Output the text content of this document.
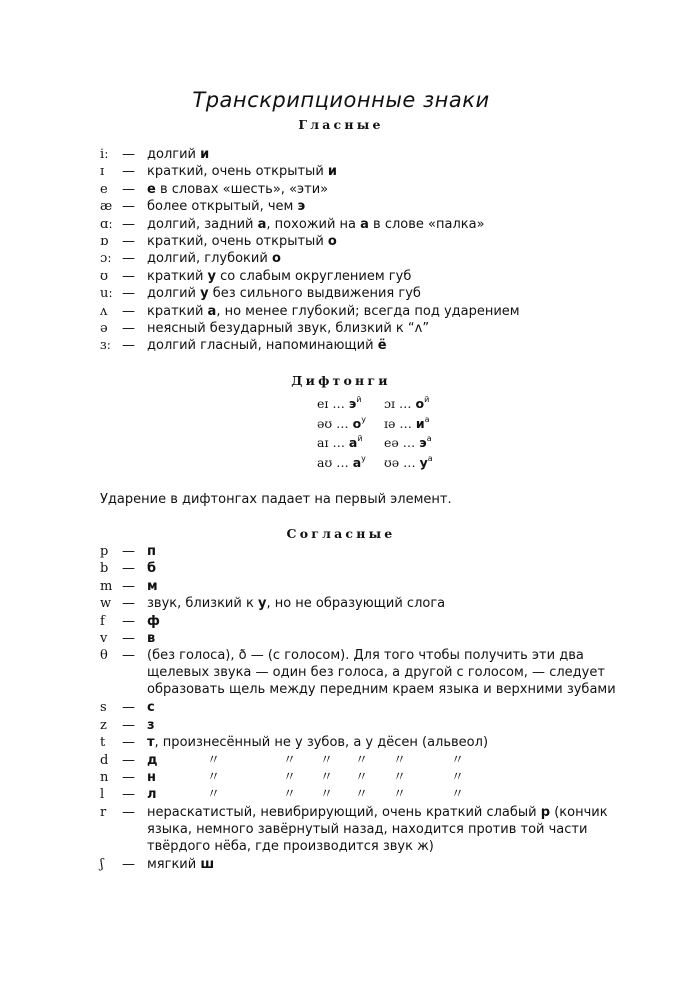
Транскрипционные знаки
Гласные
iː	— долгий и
ɪ	— краткий, очень открытый и
e	— е в словах «шесть», «эти»
æ — более открытый, чем э
ɑː — долгий, задний а, похожий на а в слове «палка»
ɒ	— краткий, очень открытый о
ɔː — долгий, глубокий о
ʊ	— краткий у со слабым округлением губ
uː — долгий у без сильного выдвижения губ
ʌ	— краткий а, но менее глубокий; всегда под ударением
ə	— неясный безударный звук, близкий к “ʌ”
ɜː — долгий гласный, напоминающий ё
Дифтонги
eɪ … $э^й$	ɔɪ … $о^й$
əʊ … $о^у$	ɪə … $и^а$
aɪ … $а^й$	eə … $э^а$
aʊ … $а^у$	ʊə … $у^а$
Ударение в дифтонгах падает на первый элемент.
Согласные
p	— п
b	— б
m — м
w — звук, близкий к у, но не образующий слога
f	— ф
v	— в
θ	— (без голоса), ð — (с голосом). Для того чтобы получить эти два щелевых звука — один без голоса, а другой с голосом, — следует образовать щель между передним краем языка и верхними зубами
s	— с
z	— з
t	— т, произнесённый не у зубов, а у дёсен (альвеол)
d	— д	〃	〃 〃 〃 〃	〃
n	— н	〃	〃 〃 〃 〃	〃
l	— л	〃	〃 〃 〃 〃	〃
r	— нераскатистый, невибрирующий, очень краткий слабый р (кончик языка, немного завёрнутый назад, находится против той части твёрдого нёба, где производится звук ж)
ʃ	— мягкий ш
